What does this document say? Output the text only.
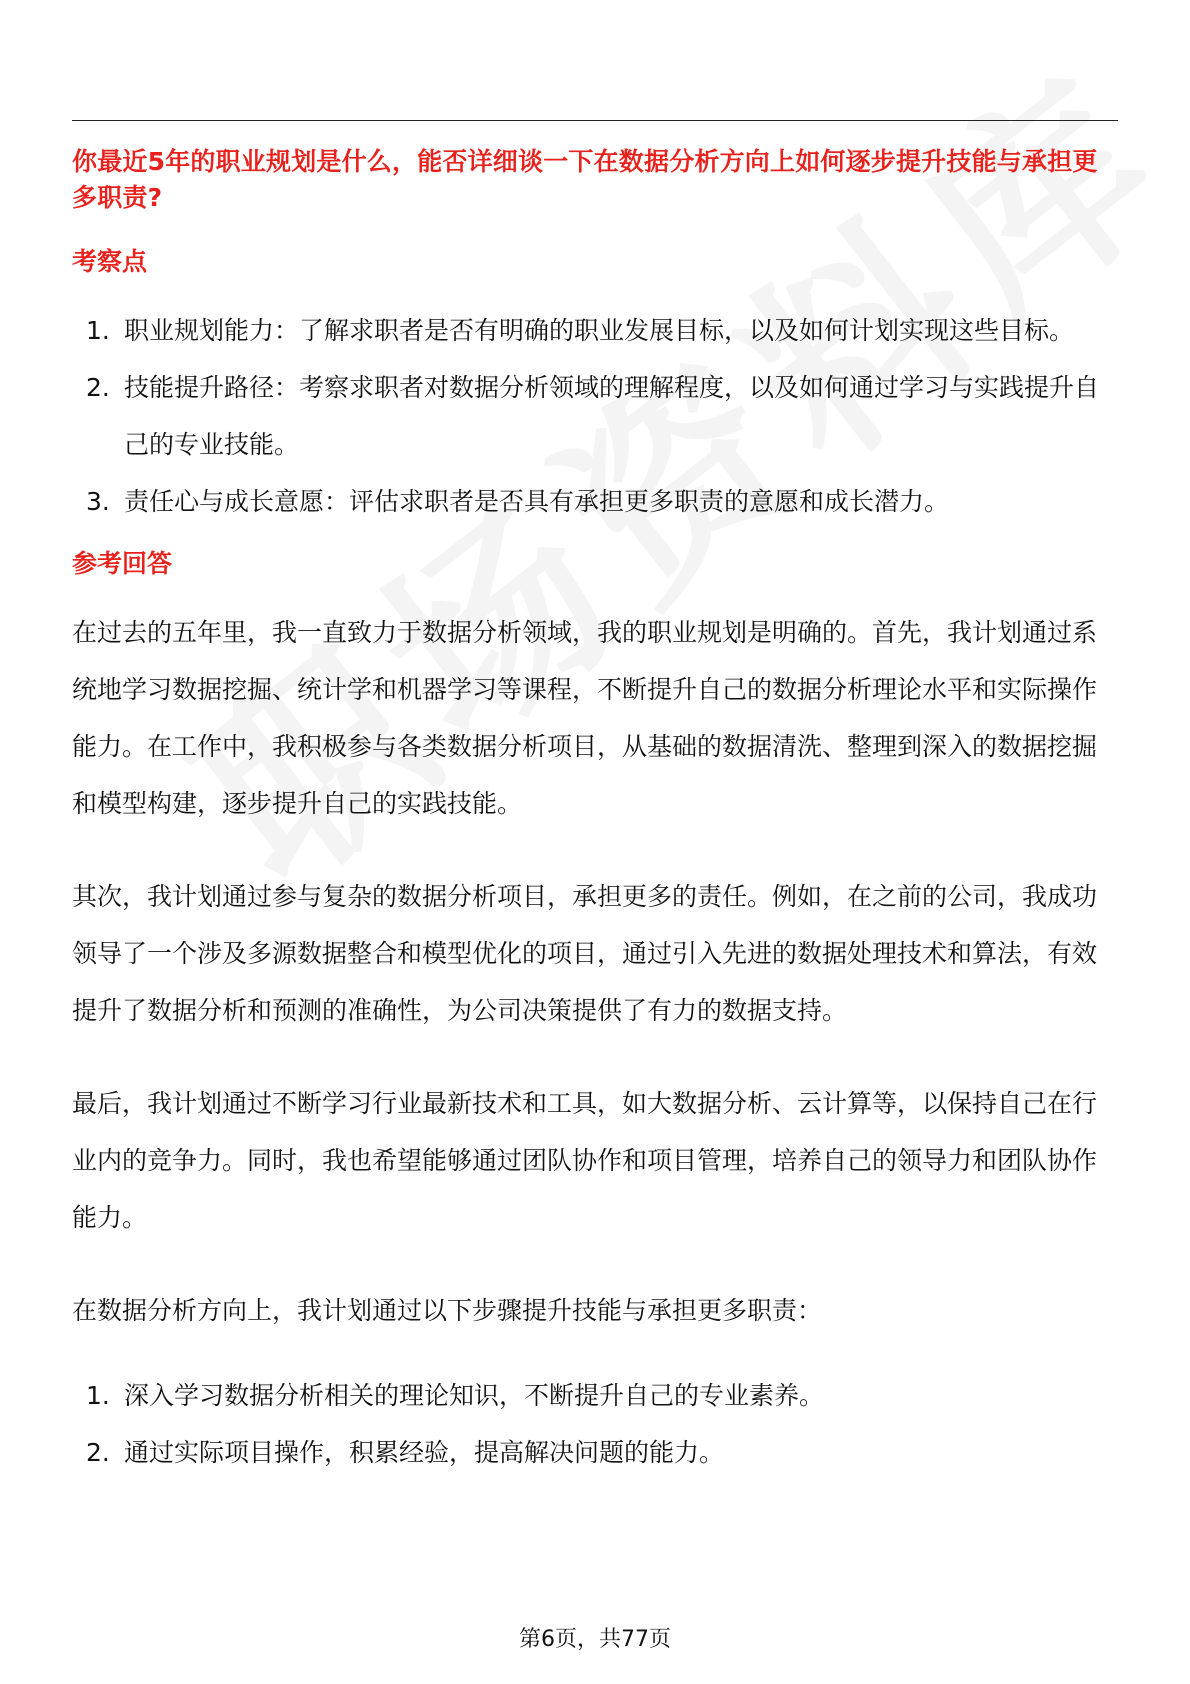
你最近5年的职业规划是什么，能否详细谈一下在数据分析方向上如何逐步提升技能与承担更多职责?
考察点
1. 职业规划能力：了解求职者是否有明确的职业发展目标，以及如何计划实现这些目标。
2. 技能提升路径：考察求职者对数据分析领域的理解程度，以及如何通过学习与实践提升自己的专业技能。
3. 责任心与成长意愿：评估求职者是否具有承担更多职责的意愿和成长潜力。
参考回答

在过去的五年里，我一直致力于数据分析领域，我的职业规划是明确的。首先，我计划通过系统地学习数据挖掘、统计学和机器学习等课程，不断提升自己的数据分析理论水平和实际操作能力。在工作中，我积极参与各类数据分析项目，从基础的数据清洗、整理到深入的数据挖掘和模型构建，逐步提升自己的实践技能。

其次，我计划通过参与复杂的数据分析项目，承担更多的责任。例如，在之前的公司，我成功领导了一个涉及多源数据整合和模型优化的项目，通过引入先进的数据处理技术和算法，有效提升了数据分析和预测的准确性，为公司决策提供了有力的数据支持。

最后，我计划通过不断学习行业最新技术和工具，如大数据分析、云计算等，以保持自己在行业内的竞争力。同时，我也希望能够通过团队协作和项目管理，培养自己的领导力和团队协作能力。

在数据分析方向上，我计划通过以下步骤提升技能与承担更多职责：

1. 深入学习数据分析相关的理论知识，不断提升自己的专业素养。
2. 通过实际项目操作，积累经验，提高解决问题的能力。
第6页，共77页
